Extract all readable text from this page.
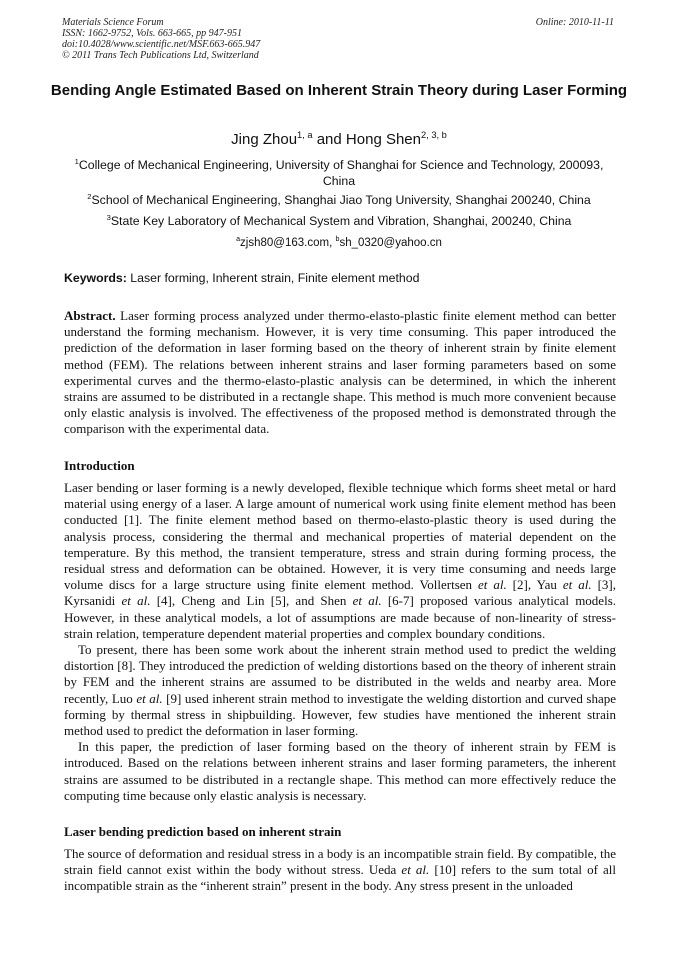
Materials Science Forum
ISSN: 1662-9752, Vols. 663-665, pp 947-951
doi:10.4028/www.scientific.net/MSF.663-665.947
© 2011 Trans Tech Publications Ltd, Switzerland
Online: 2010-11-11
Bending Angle Estimated Based on Inherent Strain Theory during Laser Forming
Jing Zhou$^{1, a}$ and Hong Shen$^{2, 3, b}$
$^1$College of Mechanical Engineering, University of Shanghai for Science and Technology, 200093, China
$^2$School of Mechanical Engineering, Shanghai Jiao Tong University, Shanghai 200240, China
$^3$State Key Laboratory of Mechanical System and Vibration, Shanghai, 200240, China
$^a$zjsh80@163.com, $^b$sh_0320@yahoo.cn
Keywords: Laser forming, Inherent strain, Finite element method
Abstract. Laser forming process analyzed under thermo-elasto-plastic finite element method can better understand the forming mechanism. However, it is very time consuming. This paper introduced the prediction of the deformation in laser forming based on the theory of inherent strain by finite element method (FEM). The relations between inherent strains and laser forming parameters based on some experimental curves and the thermo-elasto-plastic analysis can be determined, in which the inherent strains are assumed to be distributed in a rectangle shape. This method is much more convenient because only elastic analysis is involved. The effectiveness of the proposed method is demonstrated through the comparison with the experimental data.
Introduction

Laser bending or laser forming is a newly developed, flexible technique which forms sheet metal or hard material using energy of a laser. A large amount of numerical work using finite element method has been conducted [1]. The finite element method based on thermo-elasto-plastic theory is used during the analysis process, considering the thermal and mechanical properties of material dependent on the temperature. By this method, the transient temperature, stress and strain during forming process, the residual stress and deformation can be obtained. However, it is very time consuming and needs large volume discs for a large structure using finite element method. Vollertsen et al. [2], Yau et al. [3], Kyrsanidi et al. [4], Cheng and Lin [5], and Shen et al. [6-7] proposed various analytical models. However, in these analytical models, a lot of assumptions are made because of non-linearity of stress-strain relation, temperature dependent material properties and complex boundary conditions.

To present, there has been some work about the inherent strain method used to predict the welding distortion [8]. They introduced the prediction of welding distortions based on the theory of inherent strain by FEM and the inherent strains are assumed to be distributed in the welds and nearby area. More recently, Luo et al. [9] used inherent strain method to investigate the welding distortion and curved shape forming by thermal stress in shipbuilding. However, few studies have mentioned the inherent strain method used to predict the deformation in laser forming.

In this paper, the prediction of laser forming based on the theory of inherent strain by FEM is introduced. Based on the relations between inherent strains and laser forming parameters, the inherent strains are assumed to be distributed in a rectangle shape. This method can more effectively reduce the computing time because only elastic analysis is necessary.

Laser bending prediction based on inherent strain

The source of deformation and residual stress in a body is an incompatible strain field. By compatible, the strain field cannot exist within the body without stress. Ueda et al. [10] refers to the sum total of all incompatible strain as the “inherent strain” present in the body. Any stress present in the unloaded
